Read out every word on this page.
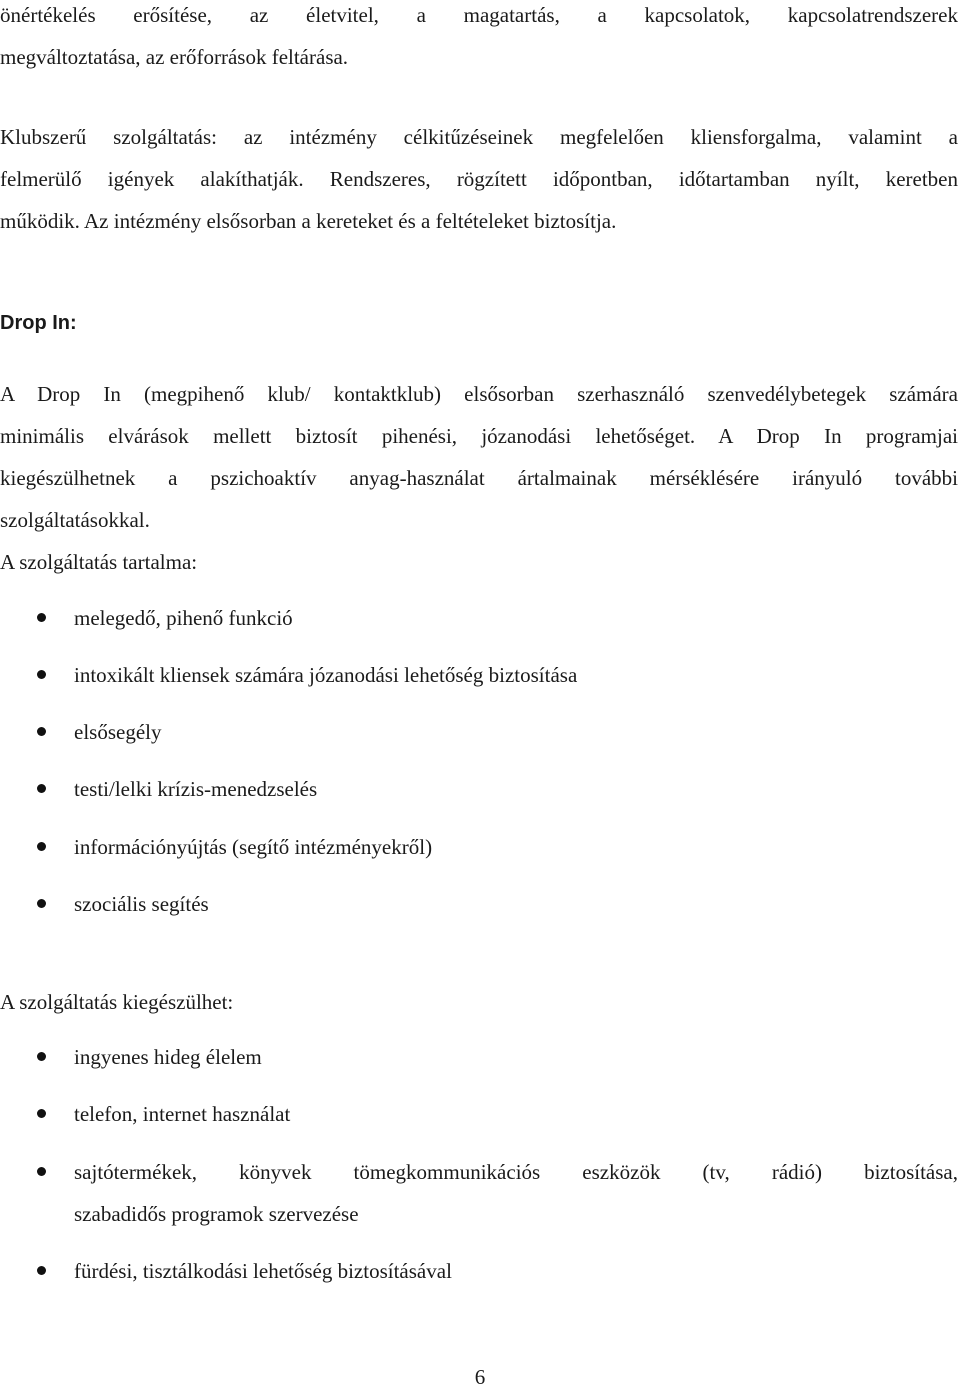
önértékelés erősítése, az életvitel, a magatartás, a kapcsolatok, kapcsolatrendszerek
megváltoztatása, az erőforrások feltárása.
Klubszerű szolgáltatás: az intézmény célkitűzéseinek megfelelően kliensforgalma, valamint a
felmerülő igények alakíthatják. Rendszeres, rögzített időpontban, időtartamban nyílt, keretben
működik. Az intézmény elsősorban a kereteket és a feltételeket biztosítja.
Drop In:
A Drop In (megpihenő klub/ kontaktklub) elsősorban szerhasználó szenvedélybetegek számára
minimális elvárások mellett biztosít pihenési, józanodási lehetőséget. A Drop In programjai
kiegészülhetnek a pszichoaktív anyag-használat ártalmainak mérséklésére irányuló további
szolgáltatásokkal.

A szolgáltatás tartalma:

melegedő, pihenő funkció
intoxikált kliensek számára józanodási lehetőség biztosítása
elsősegély
testi/lelki krízis-menedzselés
információnyújtás (segítő intézményekről)
szociális segítés

A szolgáltatás kiegészülhet:

ingyenes hideg élelem
telefon, internet használat
sajtótermékek, könyvek tömegkommunikációs eszközök (tv, rádió) biztosítása,
szabadidős programok szervezése
fürdési, tisztálkodási lehetőség biztosításával
6
